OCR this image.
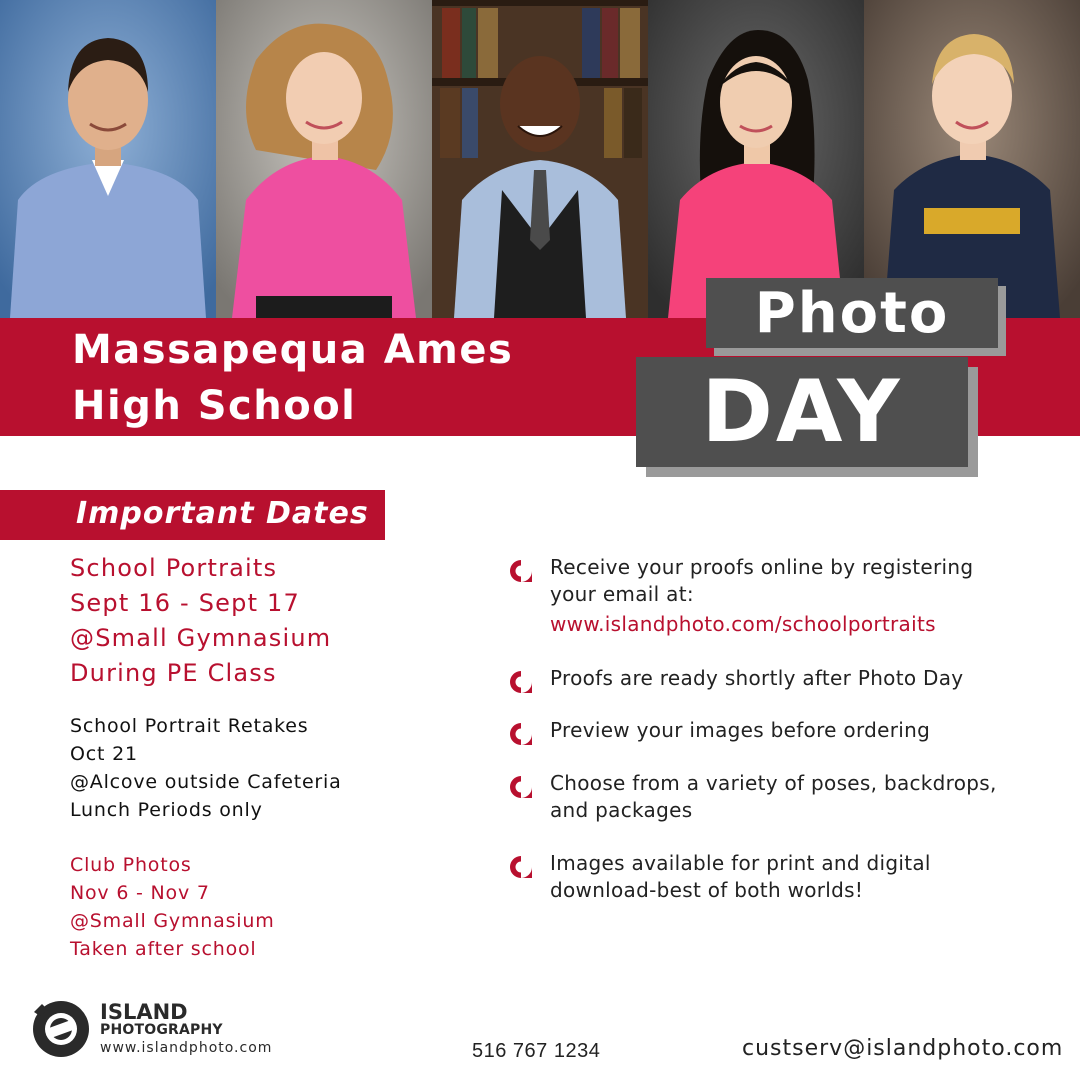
Massapequa Ames
High School
Photo
DAY
Important Dates
School Portraits
Sept 16 - Sept 17
@Small Gymnasium
During PE Class
School Portrait Retakes
Oct 21
@Alcove outside Cafeteria
Lunch Periods only
Club Photos
Nov 6 - Nov 7
@Small Gymnasium
Taken after school
Receive your proofs online by registering
your email at:
www.islandphoto.com/schoolportraits
Proofs are ready shortly after Photo Day
Preview your images before ordering
Choose from a variety of poses, backdrops,
and packages
Images available for print and digital
download-best of both worlds!
ISLAND
PHOTOGRAPHY
www.islandphoto.com	516 767 1234	custserv@islandphoto.com
